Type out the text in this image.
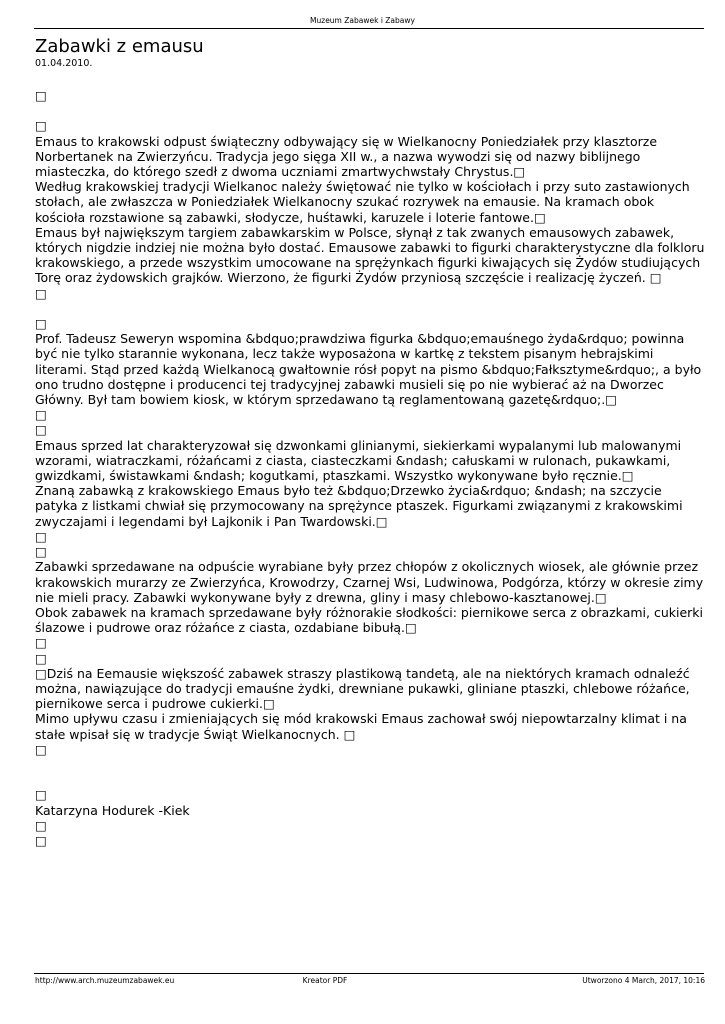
Muzeum Zabawek i Zabawy
Zabawki z emausu
01.04.2010.
□

□
Emaus to krakowski odpust świąteczny odbywający się w Wielkanocny Poniedziałek przy klasztorze Norbertanek na Zwierzyńcu. Tradycja jego sięga XII w., a nazwa wywodzi się od nazwy biblijnego miasteczka, do którego szedł z dwoma uczniami zmartwychwstały Chrystus.□
Według krakowskiej tradycji Wielkanoc należy świętować nie tylko w kościołach i przy suto zastawionych stołach, ale zwłaszcza w Poniedziałek Wielkanocny szukać rozrywek na emausie. Na kramach obok kościoła rozstawione są zabawki, słodycze, huśtawki, karuzele i loterie fantowe.□
Emaus był największym targiem zabawkarskim w Polsce, słynął z tak zwanych emausowych zabawek, których nigdzie indziej nie można było dostać. Emausowe zabawki to figurki charakterystyczne dla folkloru krakowskiego, a przede wszystkim umocowane na sprężynkach figurki kiwających się Żydów studiujących Torę oraz żydowskich grajków. Wierzono, że figurki Żydów przyniosą szczęście i realizację życzeń. □
□

□
Prof. Tadeusz Seweryn wspomina &bdquo;prawdziwa figurka &bdquo;emauśnego żyda&rdquo; powinna być nie tylko starannie wykonana, lecz także wyposażona w kartkę z tekstem pisanym hebrajskimi literami. Stąd przed każdą Wielkanocą gwałtownie rósł popyt na pismo &bdquo;Fałksztyme&rdquo;, a było ono trudno dostępne i producenci tej tradycyjnej zabawki musieli się po nie wybierać aż na Dworzec Główny. Był tam bowiem kiosk, w którym sprzedawano tą reglamentowaną gazetę&rdquo;.□
□
□
Emaus sprzed lat charakteryzował się dzwonkami glinianymi, siekierkami wypalanymi lub malowanymi wzorami, wiatraczkami, różańcami z ciasta, ciasteczkami &ndash; całuskami w rulonach, pukawkami, gwizdkami, świstawkami &ndash; kogutkami, ptaszkami. Wszystko wykonywane było ręcznie.□
Znaną zabawką z krakowskiego Emaus było też &bdquo;Drzewko życia&rdquo; &ndash; na szczycie patyka z listkami chwiał się przymocowany na sprężynce ptaszek. Figurkami związanymi z krakowskimi zwyczajami i legendami był Lajkonik i Pan Twardowski.□
□
□
Zabawki sprzedawane na odpuście wyrabiane były przez chłopów z okolicznych wiosek, ale głównie przez krakowskich murarzy ze Zwierzyńca, Krowodrzy, Czarnej Wsi, Ludwinowa, Podgórza, którzy w okresie zimy nie mieli pracy. Zabawki wykonywane były z drewna, gliny i masy chlebowo-kasztanowej.□
Obok zabawek na kramach sprzedawane były różnorakie słodkości: piernikowe serca z obrazkami, cukierki ślazowe i pudrowe oraz różańce z ciasta, ozdabiane bibułą.□
□
□
□Dziś na Eemausie większość zabawek straszy plastikową tandetą, ale na niektórych kramach odnaleźć można, nawiązujące do tradycji emauśne żydki, drewniane pukawki, gliniane ptaszki, chlebowe różańce, piernikowe serca i pudrowe cukierki.□
Mimo upływu czasu i zmieniających się mód krakowski Emaus zachował swój niepowtarzalny klimat i na stałe wpisał się w tradycje Świąt Wielkanocnych. □
□

□
Katarzyna Hodurek -Kiek
□
□
http://www.arch.muzeumzabawek.eu	Kreator PDF	Utworzono 4 March, 2017, 10:16
